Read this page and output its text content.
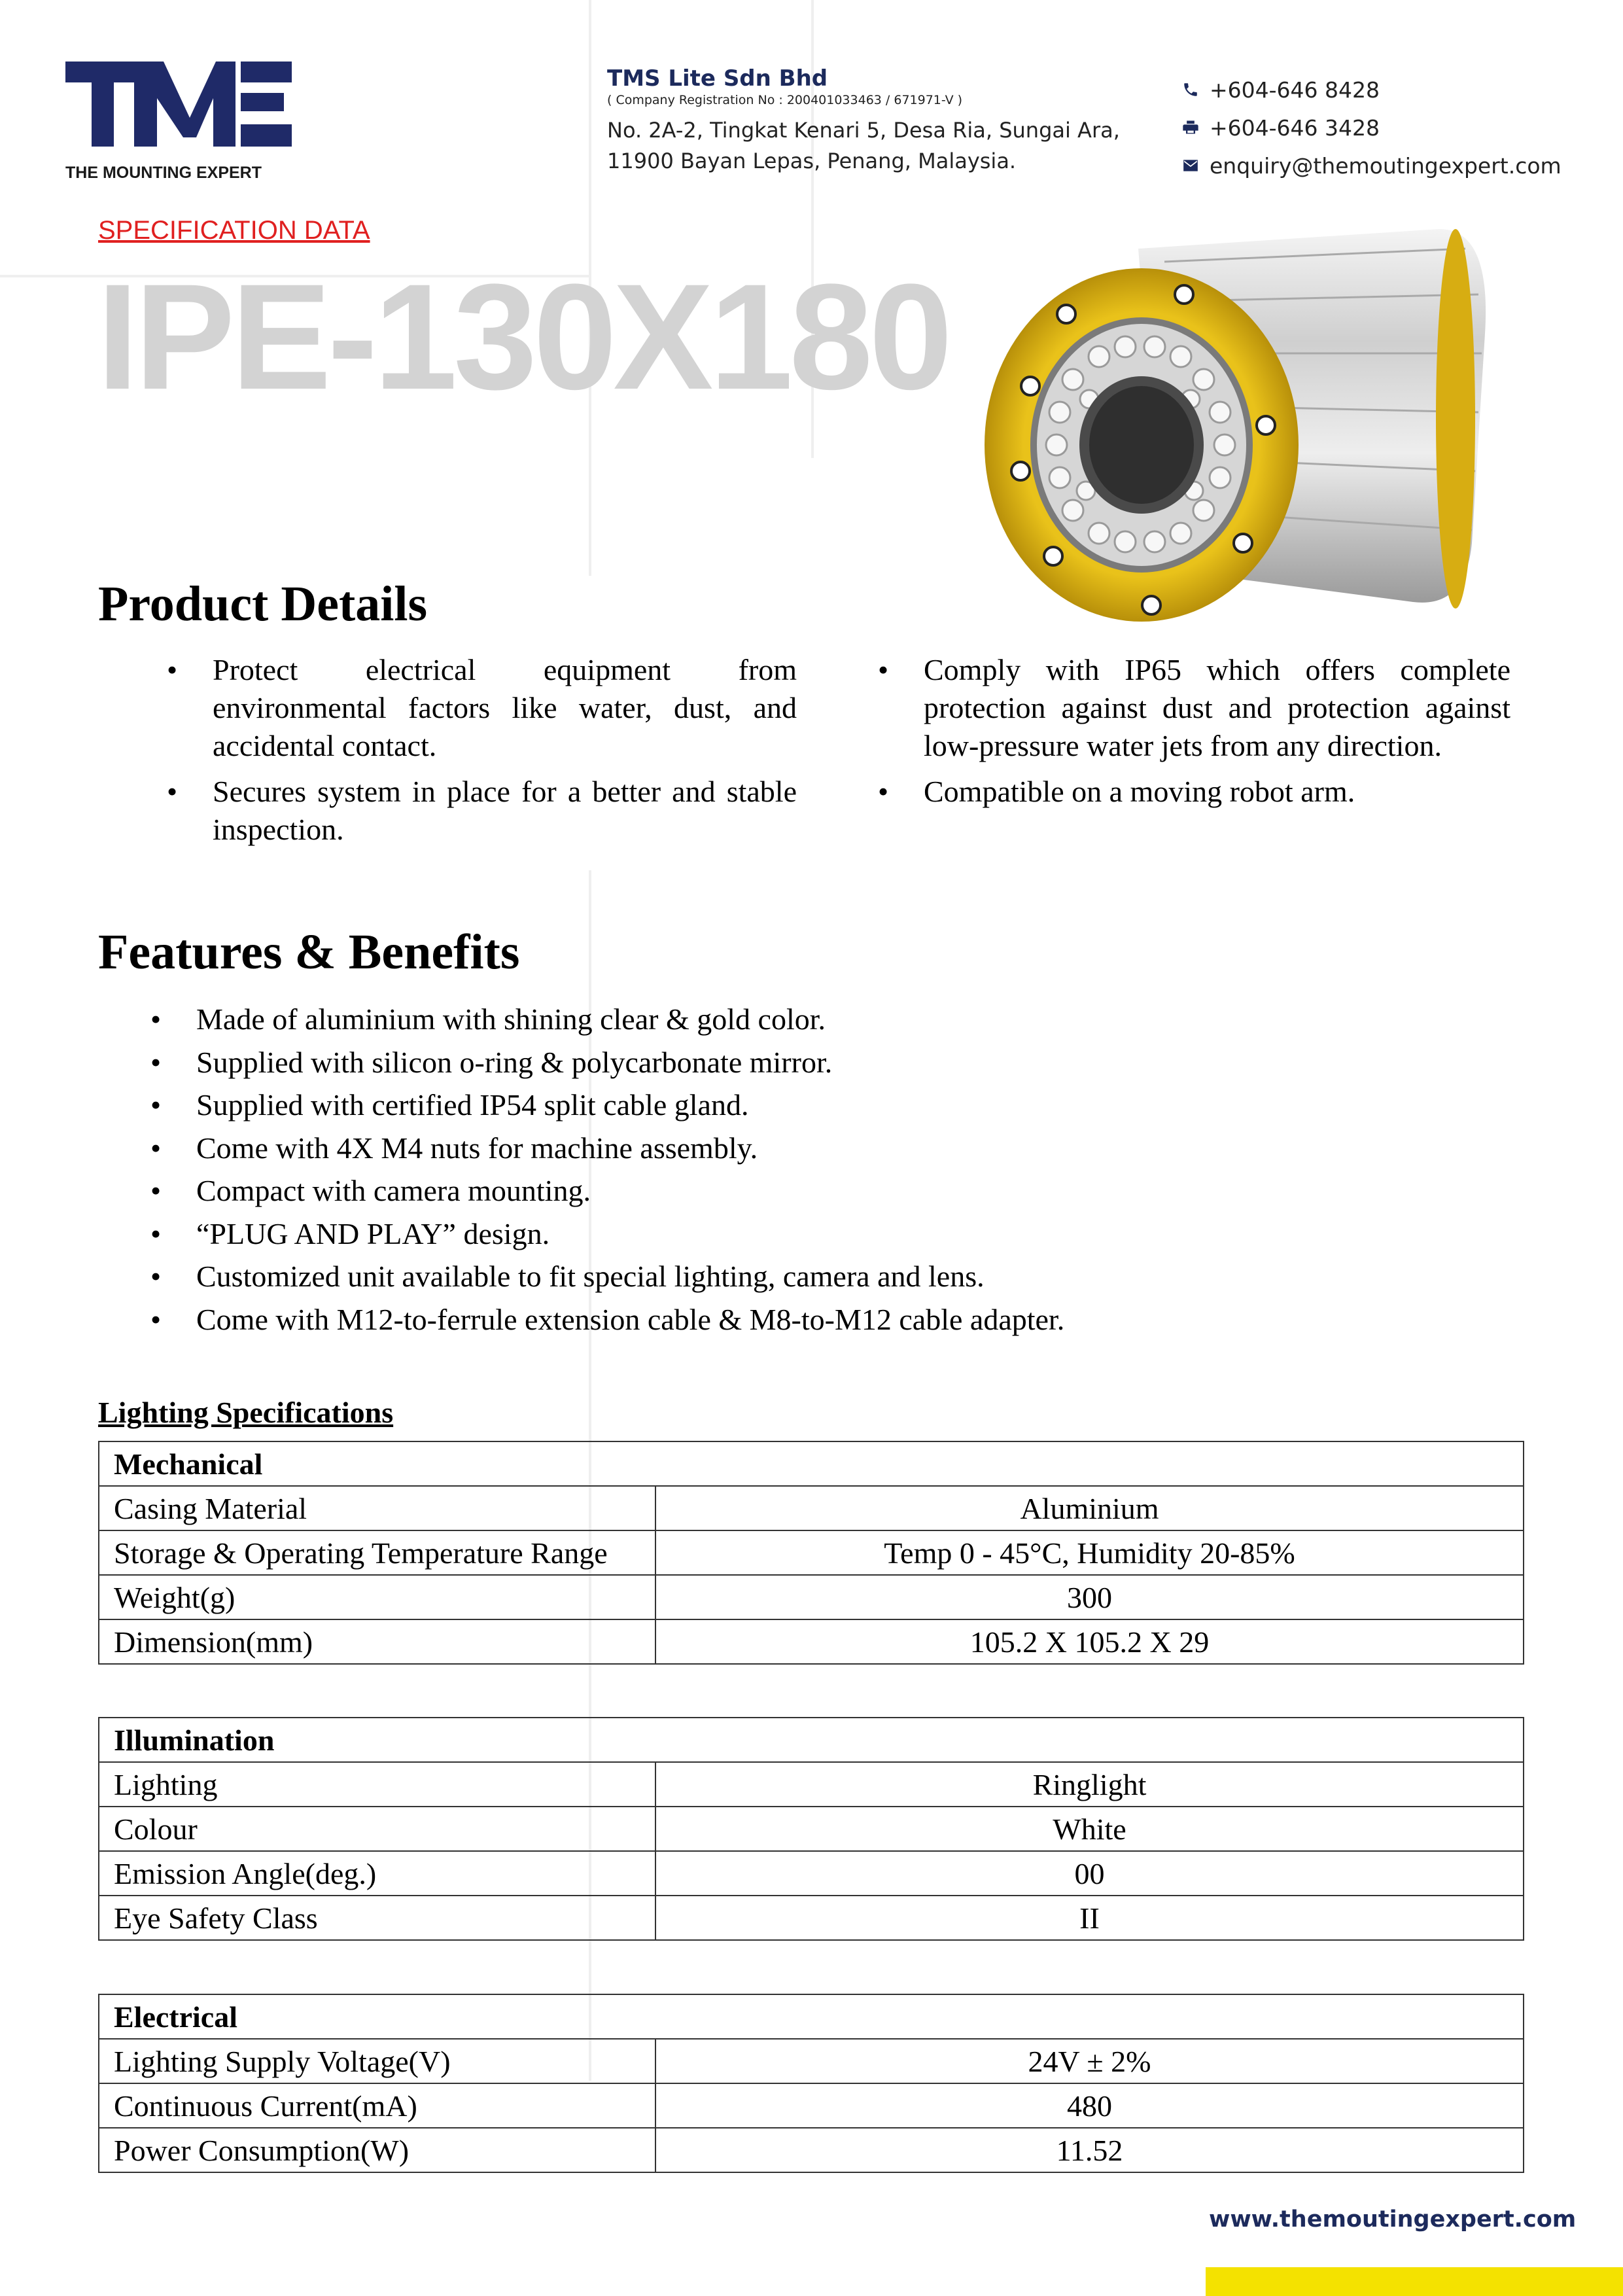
THE MOUNTING EXPERT
TMS Lite Sdn Bhd
( Company Registration No : 200401033463 / 671971-V )
No. 2A-2, Tingkat Kenari 5, Desa Ria, Sungai Ara,
11900 Bayan Lepas, Penang, Malaysia.
+604-646 8428
+604-646 3428
enquiry@themoutingexpert.com
SPECIFICATION DATA
IPE-130X180
Product Details
• Protect electrical equipment from environmental factors like water, dust, and accidental contact.
• Secures system in place for a better and stable inspection.
• Comply with IP65 which offers complete protection against dust and protection against low-pressure water jets from any direction.
• Compatible on a moving robot arm.
Features & Benefits
• Made of aluminium with shining clear & gold color.
• Supplied with silicon o-ring & polycarbonate mirror.
• Supplied with certified IP54 split cable gland.
• Come with 4X M4 nuts for machine assembly.
• Compact with camera mounting.
• “PLUG AND PLAY” design.
• Customized unit available to fit special lighting, camera and lens.
• Come with M12-to-ferrule extension cable & M8-to-M12 cable adapter.
Lighting Specifications
Mechanical	
Casing Material	Aluminium
Storage & Operating Temperature Range	Temp 0 - 45°C, Humidity 20-85%
Weight(g)	300
Dimension(mm)	105.2 X 105.2 X 29
Illumination	
Lighting	Ringlight
Colour	White
Emission Angle(deg.)	00
Eye Safety Class	II
Electrical	
Lighting Supply Voltage(V)	24V ± 2%
Continuous Current(mA)	480
Power Consumption(W)	11.52
www.themoutingexpert.com
